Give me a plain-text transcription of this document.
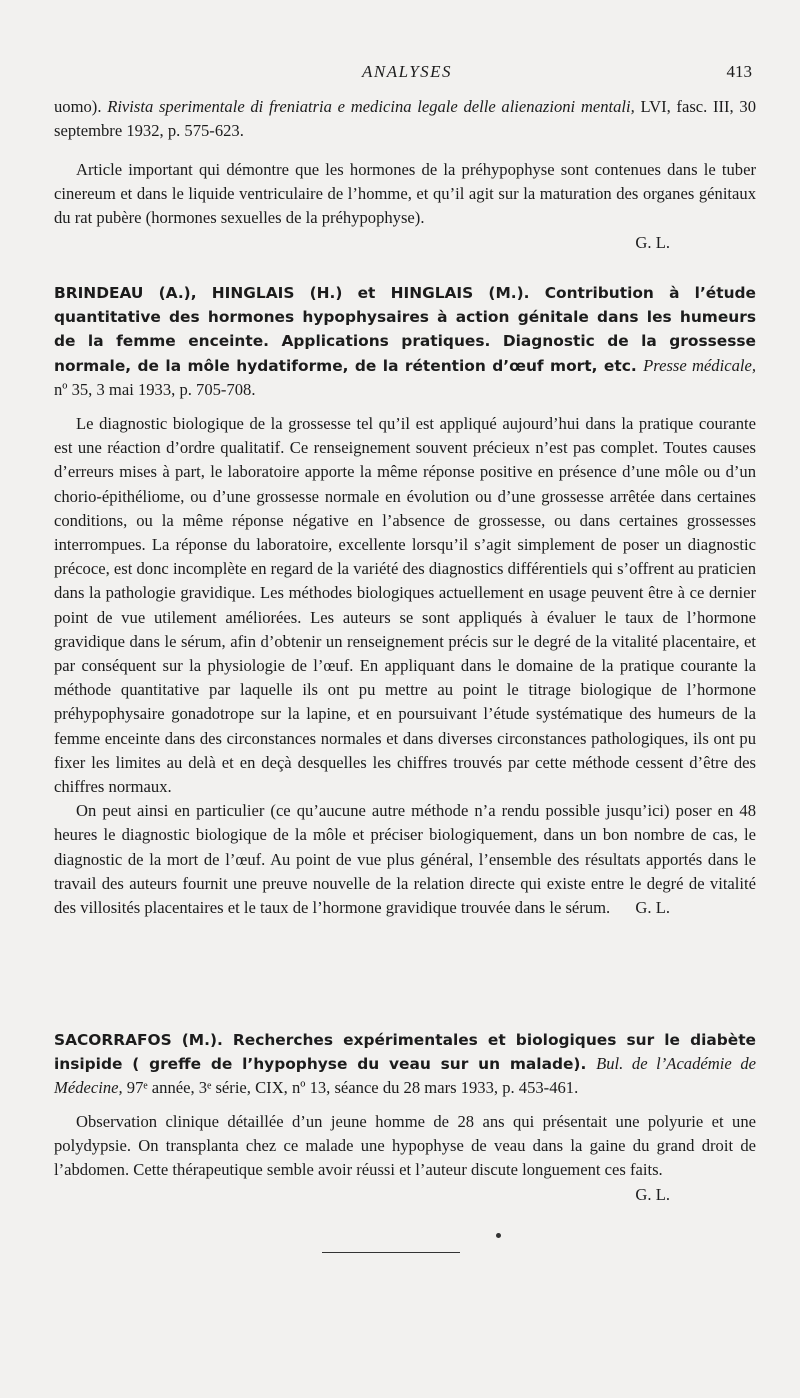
ANALYSES	413

uomo). Rivista sperimentale di freniatria e medicina legale delle alienazioni mentali, LVI, fasc. III, 30 septembre 1932, p. 575-623.

Article important qui démontre que les hormones de la préhypophyse sont contenues dans le tuber cinereum et dans le liquide ventriculaire de l’homme, et qu’il agit sur la maturation des organes génitaux du rat pubère (hormones sexuelles de la préhypophyse).

G. L.
BRINDEAU (A.), HINGLAIS (H.) et HINGLAIS (M.). Contribution à l’étude quantitative des hormones hypophysaires à action génitale dans les humeurs de la femme enceinte. Applications pratiques. Diagnostic de la grossesse normale, de la môle hydatiforme, de la rétention d’œuf mort, etc. Presse médicale, nº 35, 3 mai 1933, p. 705-708.

Le diagnostic biologique de la grossesse tel qu’il est appliqué aujourd’hui dans la pratique courante est une réaction d’ordre qualitatif. Ce renseignement souvent précieux n’est pas complet. Toutes causes d’erreurs mises à part, le laboratoire apporte la même réponse positive en présence d’une môle ou d’un chorio-épithéliome, ou d’une grossesse normale en évolution ou d’une grossesse arrêtée dans certaines conditions, ou la même réponse négative en l’absence de grossesse, ou dans certaines grossesses interrompues. La réponse du laboratoire, excellente lorsqu’il s’agit simplement de poser un diagnostic précoce, est donc incomplète en regard de la variété des diagnostics différentiels qui s’offrent au praticien dans la pathologie gravidique. Les méthodes biologiques actuellement en usage peuvent être à ce dernier point de vue utilement améliorées. Les auteurs se sont appliqués à évaluer le taux de l’hormone gravidique dans le sérum, afin d’obtenir un renseignement précis sur le degré de la vitalité placentaire, et par conséquent sur la physiologie de l’œuf. En appliquant dans le domaine de la pratique courante la méthode quantitative par laquelle ils ont pu mettre au point le titrage biologique de l’hormone préhypophysaire gonadotrope sur la lapine, et en poursuivant l’étude systématique des humeurs de la femme enceinte dans des circonstances normales et dans diverses circonstances pathologiques, ils ont pu fixer les limites au delà et en deçà desquelles les chiffres trouvés par cette méthode cessent d’être des chiffres normaux.

On peut ainsi en particulier (ce qu’aucune autre méthode n’a rendu possible jusqu’ici) poser en 48 heures le diagnostic biologique de la môle et préciser biologiquement, dans un bon nombre de cas, le diagnostic de la mort de l’œuf. Au point de vue plus général, l’ensemble des résultats apportés dans le travail des auteurs fournit une preuve nouvelle de la relation directe qui existe entre le degré de vitalité des villosités placentaires et le taux de l’hormone gravidique trouvée dans le sérum.	G. L.

SACORRAFOS (M.). Recherches expérimentales et biologiques sur le diabète insipide ( greffe de l’hypophyse du veau sur un malade). Bul. de l’Académie de Médecine, 97ᵉ année, 3ᵉ série, CIX, nº 13, séance du 28 mars 1933, p. 453-461.

Observation clinique détaillée d’un jeune homme de 28 ans qui présentait une polyurie et une polydypsie. On transplanta chez ce malade une hypophyse de veau dans la gaine du grand droit de l’abdomen. Cette thérapeutique semble avoir réussi et l’auteur discute longuement ces faits.
G. L.
